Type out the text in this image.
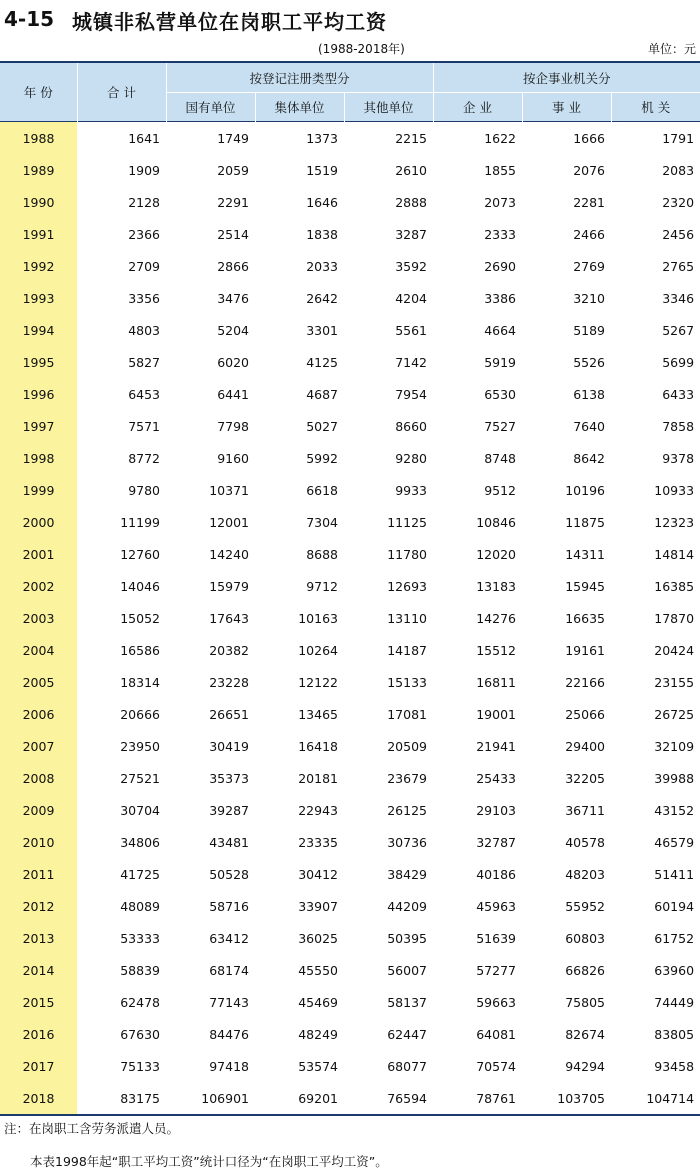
4-15 城镇非私营单位在岗职工平均工资
(1988-2018年)	单位：元
年 份	合 计	按登记注册类型分			按企事业机关分		
		国有单位	集体单位	其他单位	企 业	事 业	机 关
1988	1641	1749	1373	2215	1622	1666	1791
1989	1909	2059	1519	2610	1855	2076	2083
1990	2128	2291	1646	2888	2073	2281	2320
1991	2366	2514	1838	3287	2333	2466	2456
1992	2709	2866	2033	3592	2690	2769	2765
1993	3356	3476	2642	4204	3386	3210	3346
1994	4803	5204	3301	5561	4664	5189	5267
1995	5827	6020	4125	7142	5919	5526	5699
1996	6453	6441	4687	7954	6530	6138	6433
1997	7571	7798	5027	8660	7527	7640	7858
1998	8772	9160	5992	9280	8748	8642	9378
1999	9780	10371	6618	9933	9512	10196	10933
2000	11199	12001	7304	11125	10846	11875	12323
2001	12760	14240	8688	11780	12020	14311	14814
2002	14046	15979	9712	12693	13183	15945	16385
2003	15052	17643	10163	13110	14276	16635	17870
2004	16586	20382	10264	14187	15512	19161	20424
2005	18314	23228	12122	15133	16811	22166	23155
2006	20666	26651	13465	17081	19001	25066	26725
2007	23950	30419	16418	20509	21941	29400	32109
2008	27521	35373	20181	23679	25433	32205	39988
2009	30704	39287	22943	26125	29103	36711	43152
2010	34806	43481	23335	30736	32787	40578	46579
2011	41725	50528	30412	38429	40186	48203	51411
2012	48089	58716	33907	44209	45963	55952	60194
2013	53333	63412	36025	50395	51639	60803	61752
2014	58839	68174	45550	56007	57277	66826	63960
2015	62478	77143	45469	58137	59663	75805	74449
2016	67630	84476	48249	62447	64081	82674	83805
2017	75133	97418	53574	68077	70574	94294	93458
2018	83175	106901	69201	76594	78761	103705	104714
注：在岗职工含劳务派遣人员。
本表1998年起“职工平均工资”统计口径为“在岗职工平均工资”。
